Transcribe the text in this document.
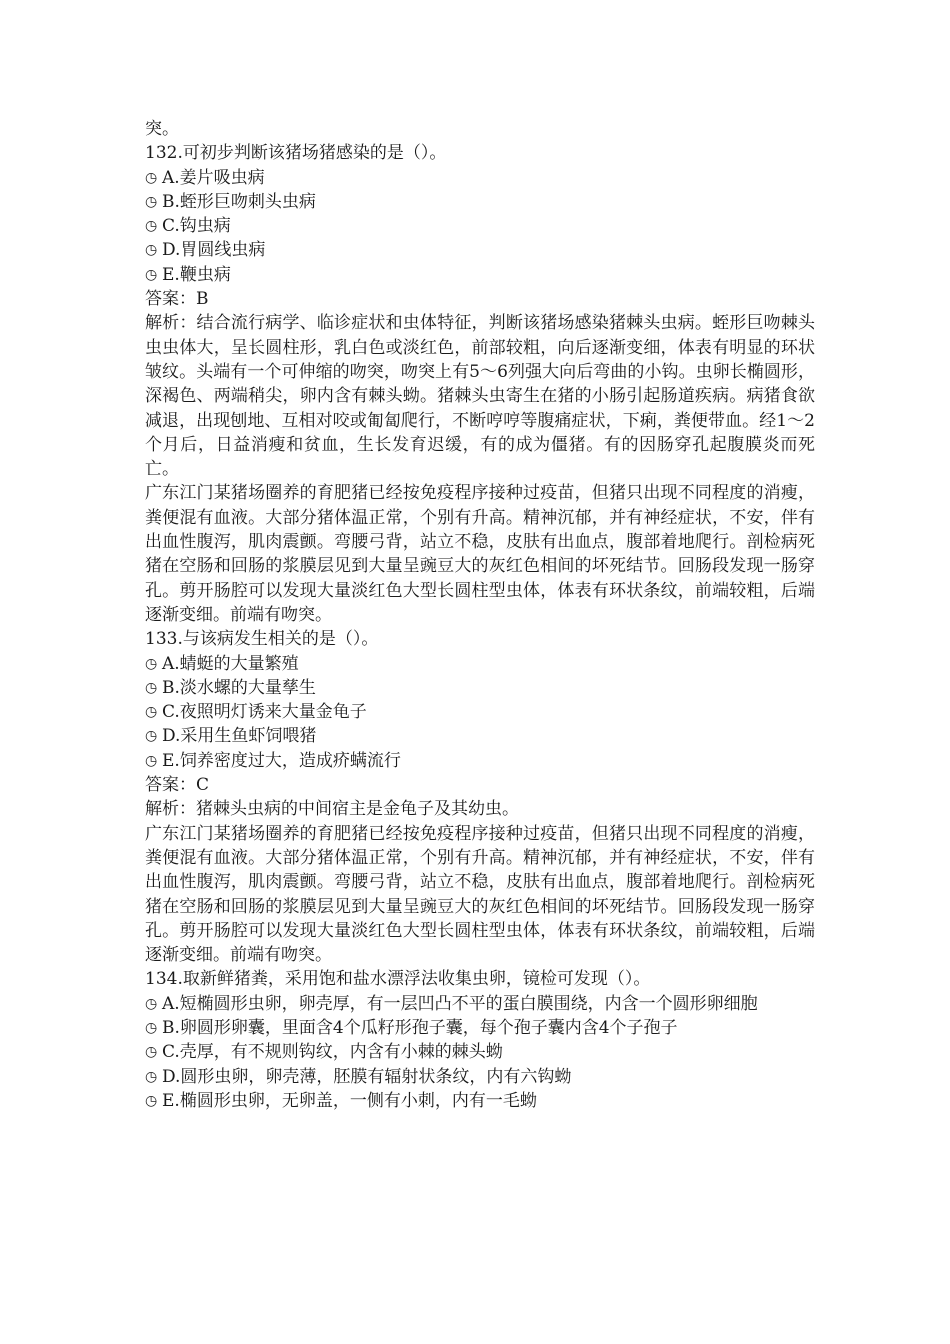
突。
132.可初步判断该猪场猪感染的是（）。
◷ A.姜片吸虫病
◷ B.蛭形巨吻刺头虫病
◷ C.钩虫病
◷ D.胃圆线虫病
◷ E.鞭虫病
答案：B
解析：结合流行病学、临诊症状和虫体特征，判断该猪场感染猪棘头虫病。蛭形巨吻棘头虫虫体大，呈长圆柱形，乳白色或淡红色，前部较粗，向后逐渐变细，体表有明显的环状皱纹。头端有一个可伸缩的吻突，吻突上有5～6列强大向后弯曲的小钩。虫卵长椭圆形，深褐色、两端稍尖，卵内含有棘头蚴。猪棘头虫寄生在猪的小肠引起肠道疾病。病猪食欲减退，出现刨地、互相对咬或匍匐爬行，不断哼哼等腹痛症状，下痢，粪便带血。经1～2个月后，日益消瘦和贫血，生长发育迟缓，有的成为僵猪。有的因肠穿孔起腹膜炎而死亡。
广东江门某猪场圈养的育肥猪已经按免疫程序接种过疫苗，但猪只出现不同程度的消瘦，粪便混有血液。大部分猪体温正常，个别有升高。精神沉郁，并有神经症状，不安，伴有出血性腹泻，肌肉震颤。弯腰弓背，站立不稳，皮肤有出血点，腹部着地爬行。剖检病死猪在空肠和回肠的浆膜层见到大量呈豌豆大的灰红色相间的坏死结节。回肠段发现一肠穿孔。剪开肠腔可以发现大量淡红色大型长圆柱型虫体，体表有环状条纹，前端较粗，后端逐渐变细。前端有吻突。
133.与该病发生相关的是（）。
◷ A.蜻蜓的大量繁殖
◷ B.淡水螺的大量孳生
◷ C.夜照明灯诱来大量金龟子
◷ D.采用生鱼虾饲喂猪
◷ E.饲养密度过大，造成疥螨流行
答案：C
解析：猪棘头虫病的中间宿主是金龟子及其幼虫。
广东江门某猪场圈养的育肥猪已经按免疫程序接种过疫苗，但猪只出现不同程度的消瘦，粪便混有血液。大部分猪体温正常，个别有升高。精神沉郁，并有神经症状，不安，伴有出血性腹泻，肌肉震颤。弯腰弓背，站立不稳，皮肤有出血点，腹部着地爬行。剖检病死猪在空肠和回肠的浆膜层见到大量呈豌豆大的灰红色相间的坏死结节。回肠段发现一肠穿孔。剪开肠腔可以发现大量淡红色大型长圆柱型虫体，体表有环状条纹，前端较粗，后端逐渐变细。前端有吻突。
134.取新鲜猪粪，采用饱和盐水漂浮法收集虫卵，镜检可发现（）。
◷ A.短椭圆形虫卵，卵壳厚，有一层凹凸不平的蛋白膜围绕，内含一个圆形卵细胞
◷ B.卵圆形卵囊，里面含4个瓜籽形孢子囊，每个孢子囊内含4个子孢子
◷ C.壳厚，有不规则钩纹，内含有小棘的棘头蚴
◷ D.圆形虫卵，卵壳薄，胚膜有辐射状条纹，内有六钩蚴
◷ E.椭圆形虫卵，无卵盖，一侧有小刺，内有一毛蚴
